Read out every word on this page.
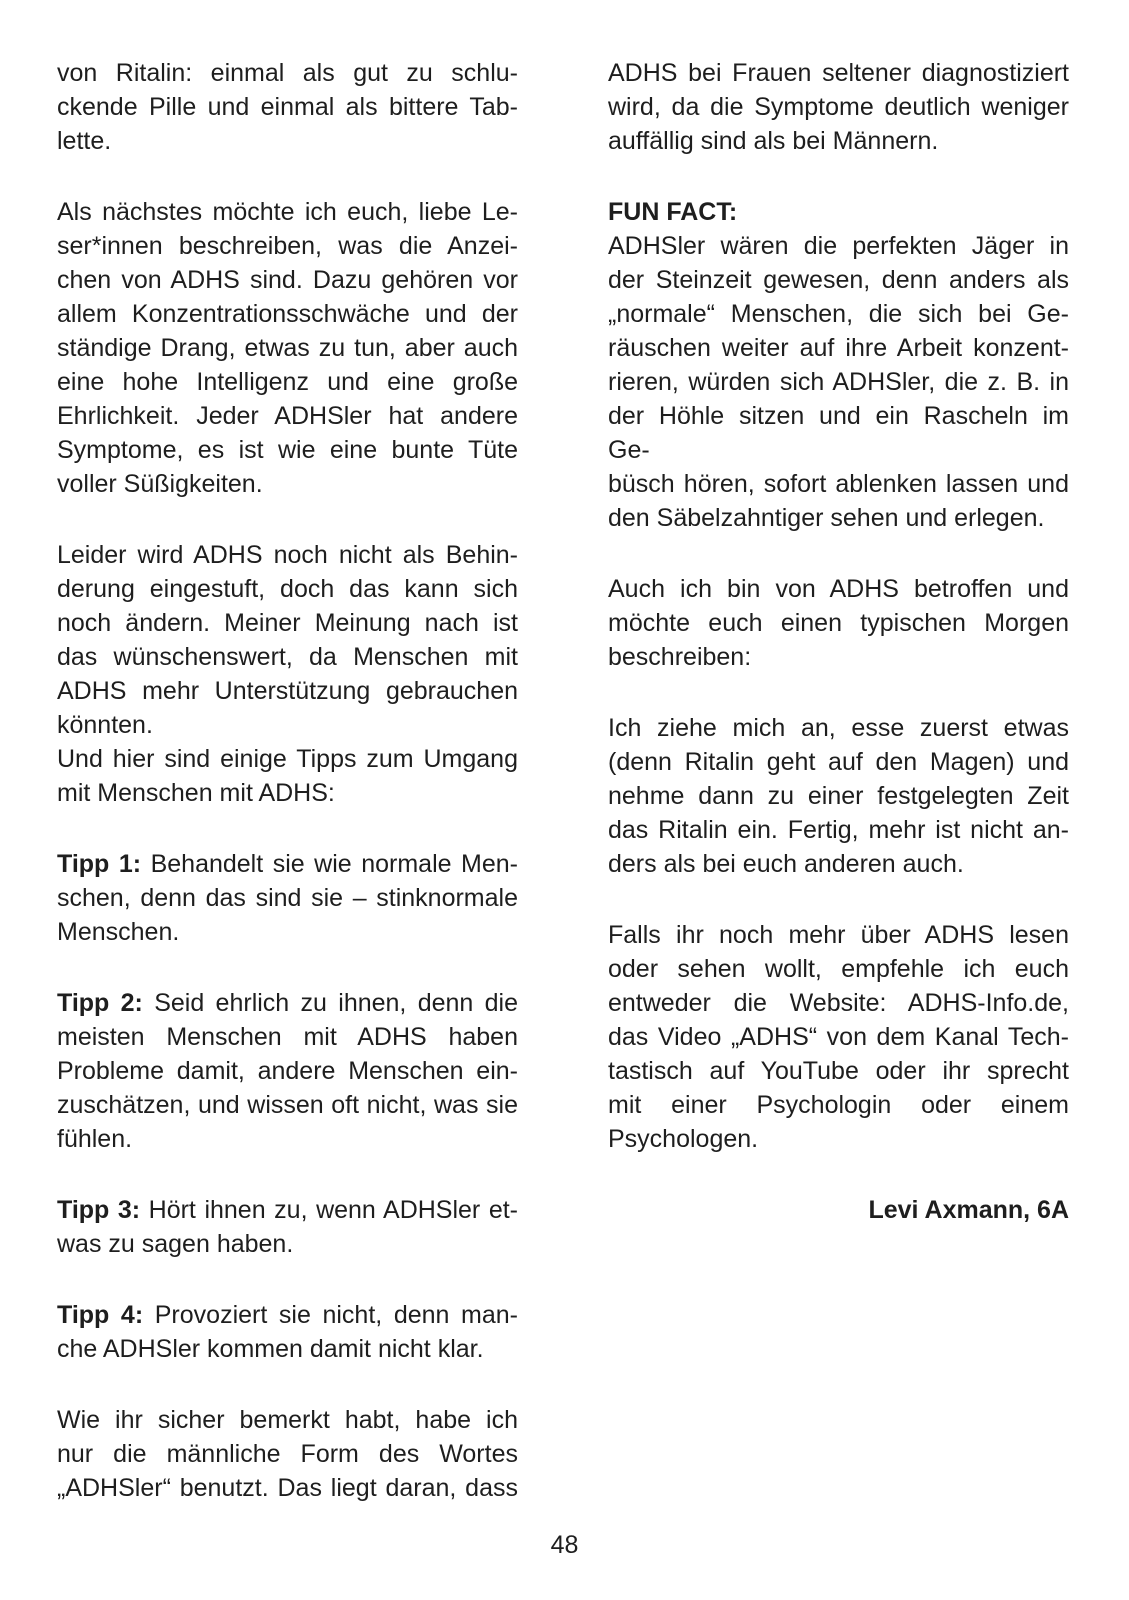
von Ritalin: einmal als gut zu schlu-
ckende Pille und einmal als bittere Tab-
lette.
Als nächstes möchte ich euch, liebe Le-
ser*innen beschreiben, was die Anzei-
chen von ADHS sind. Dazu gehören vor
allem Konzentrationsschwäche und der
ständige Drang, etwas zu tun, aber auch
eine hohe Intelligenz und eine große
Ehrlichkeit. Jeder ADHSler hat andere
Symptome, es ist wie eine bunte Tüte
voller Süßigkeiten.
Leider wird ADHS noch nicht als Behin-
derung eingestuft, doch das kann sich
noch ändern. Meiner Meinung nach ist
das wünschenswert, da Menschen mit
ADHS mehr Unterstützung gebrauchen
könnten.
Und hier sind einige Tipps zum Umgang
mit Menschen mit ADHS:
Tipp 1: Behandelt sie wie normale Men-
schen, denn das sind sie – stinknormale
Menschen.
Tipp 2: Seid ehrlich zu ihnen, denn die
meisten Menschen mit ADHS haben
Probleme damit, andere Menschen ein-
zuschätzen, und wissen oft nicht, was sie
fühlen.
Tipp 3: Hört ihnen zu, wenn ADHSler et-
was zu sagen haben.
Tipp 4: Provoziert sie nicht, denn man-
che ADHSler kommen damit nicht klar.
Wie ihr sicher bemerkt habt, habe ich
nur die männliche Form des Wortes
„ADHSler“ benutzt. Das liegt daran, dass
ADHS bei Frauen seltener diagnostiziert
wird, da die Symptome deutlich weniger
auffällig sind als bei Männern.
FUN FACT:
ADHSler wären die perfekten Jäger in
der Steinzeit gewesen, denn anders als
„normale“ Menschen, die sich bei Ge-
räuschen weiter auf ihre Arbeit konzent-
rieren, würden sich ADHSler, die z. B. in
der Höhle sitzen und ein Rascheln im Ge-
büsch hören, sofort ablenken lassen und
den Säbelzahntiger sehen und erlegen.
Auch ich bin von ADHS betroffen und
möchte euch einen typischen Morgen
beschreiben:
Ich ziehe mich an, esse zuerst etwas
(denn Ritalin geht auf den Magen) und
nehme dann zu einer festgelegten Zeit
das Ritalin ein. Fertig, mehr ist nicht an-
ders als bei euch anderen auch.
Falls ihr noch mehr über ADHS lesen
oder sehen wollt, empfehle ich euch
entweder die Website: ADHS-Info.de,
das Video „ADHS“ von dem Kanal Tech-
tastisch auf YouTube oder ihr sprecht
mit einer Psychologin oder einem
Psychologen.
Levi Axmann, 6A
48
